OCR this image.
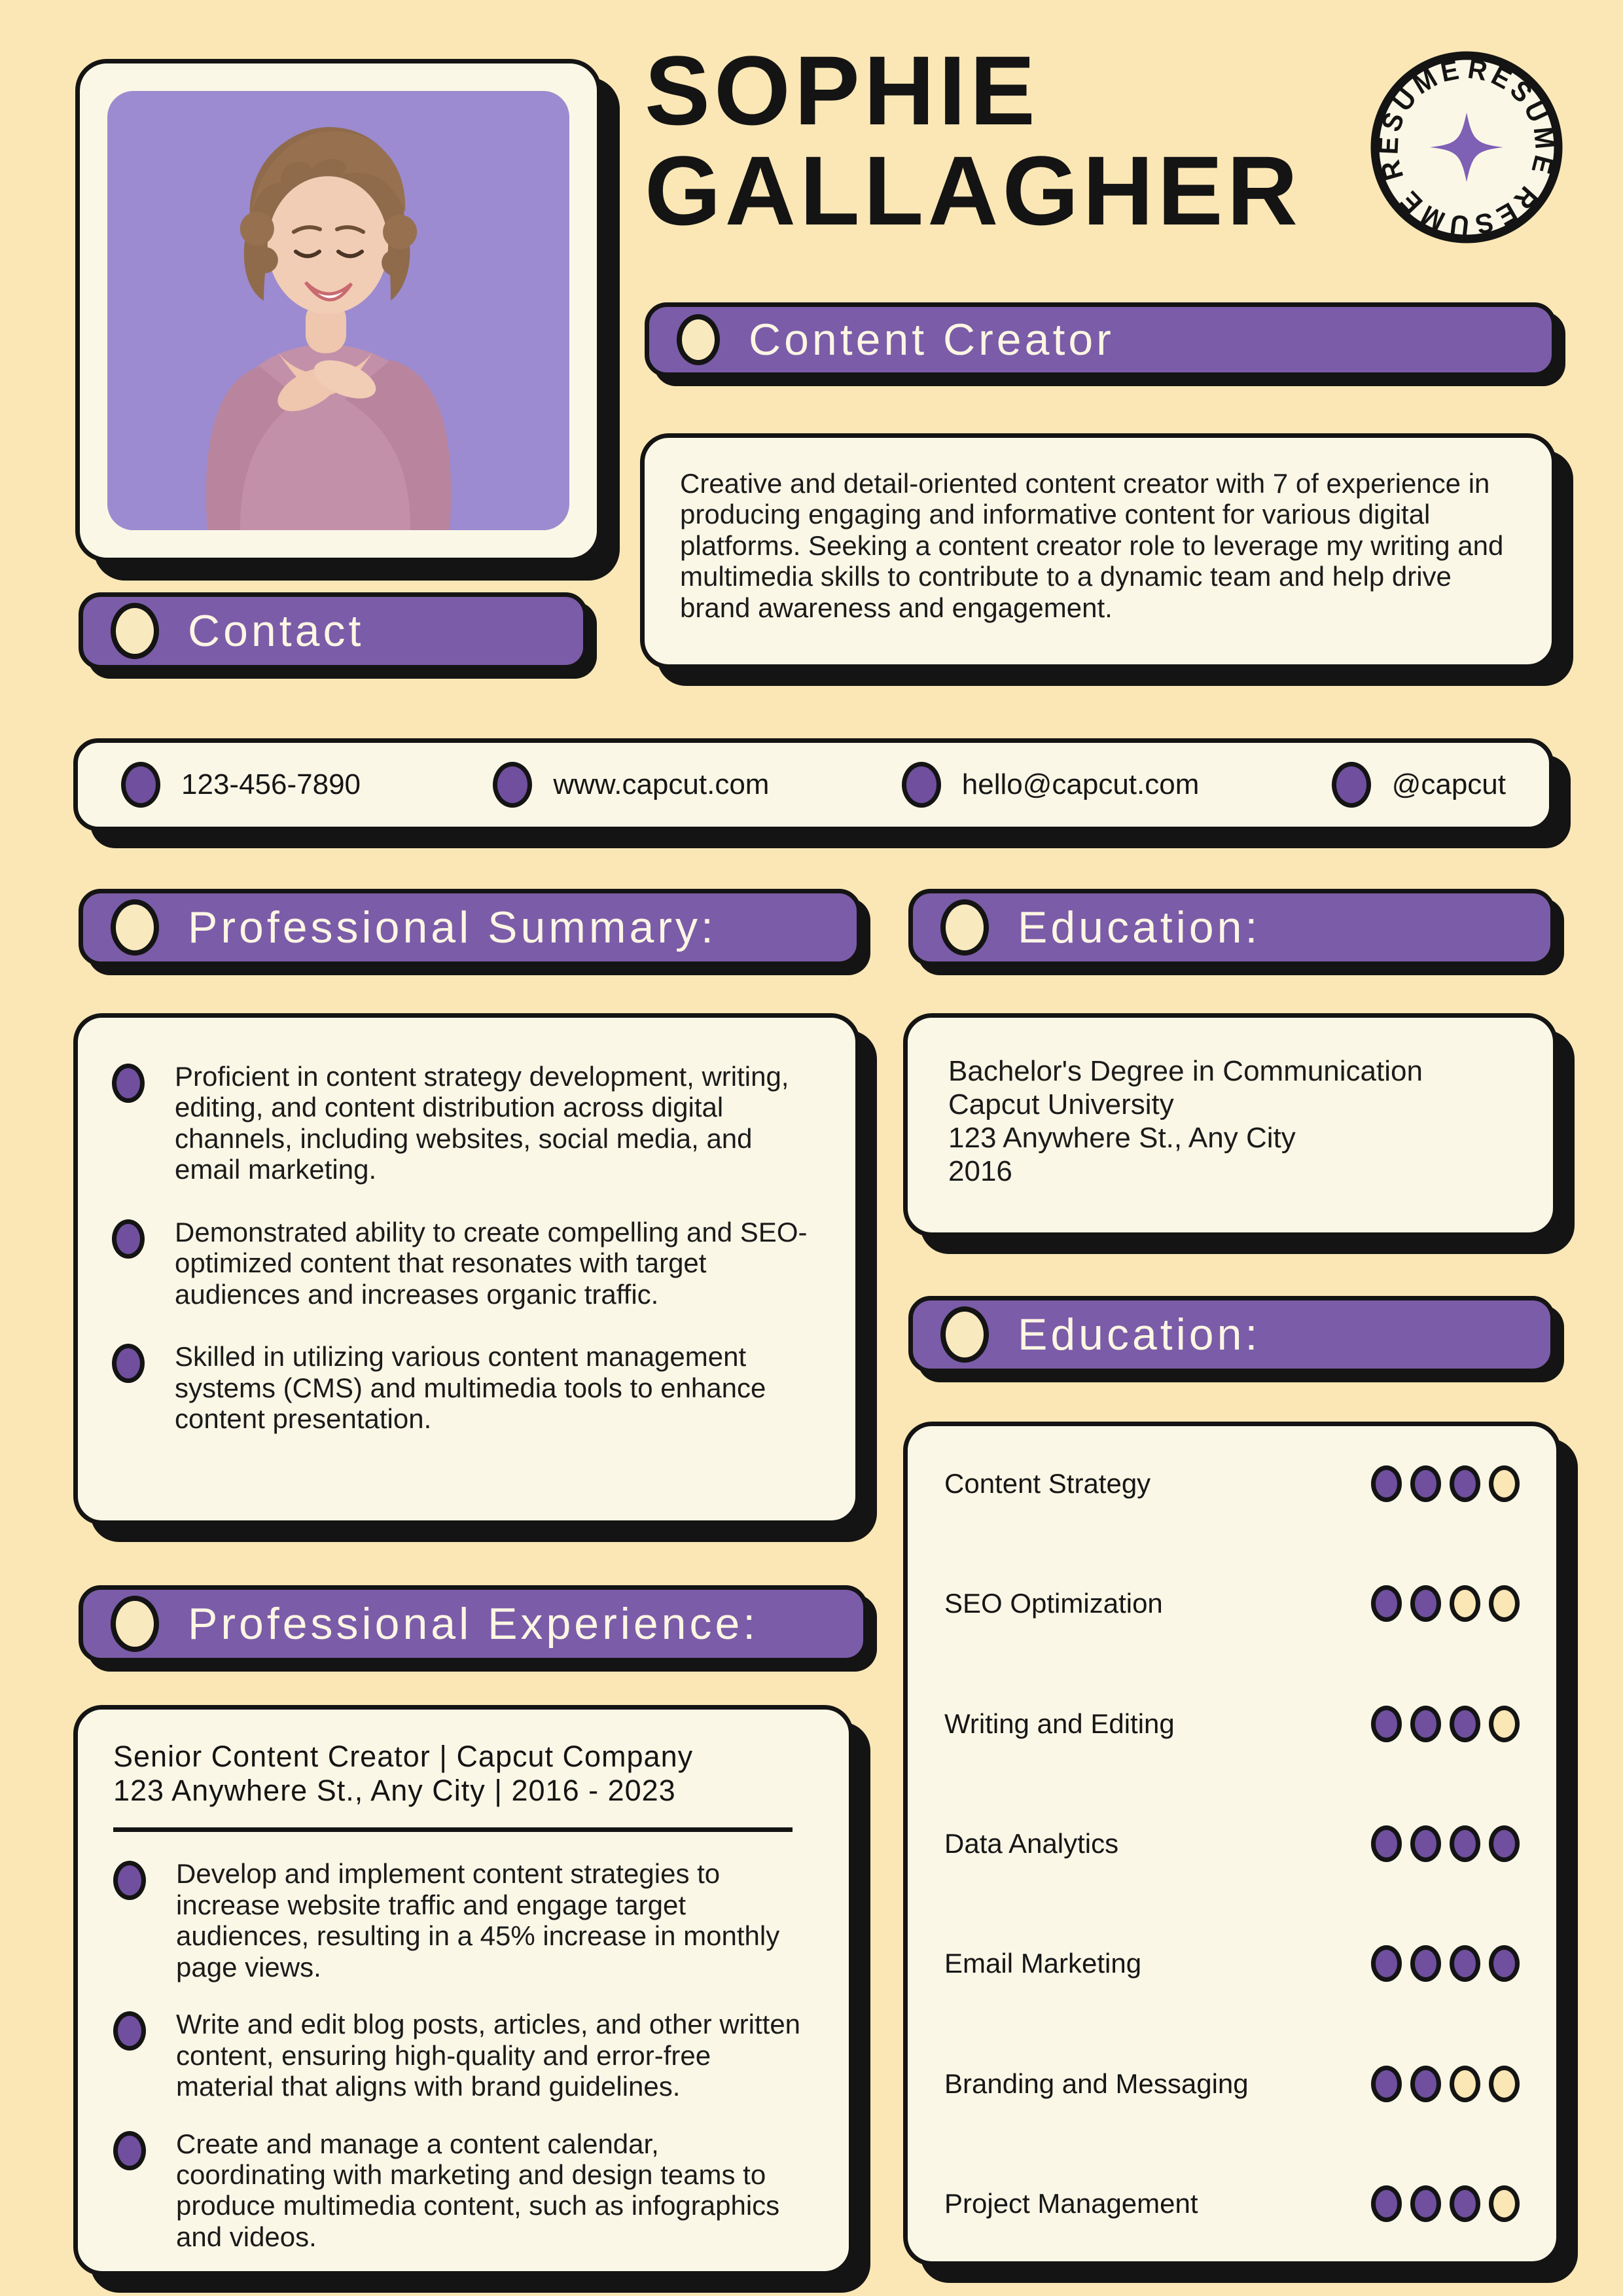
SOPHIE
GALLAGHER
RESUME RESUME RESUME
Content Creator
Creative and detail-oriented content creator with 7 of experience in producing engaging and informative content for various digital platforms. Seeking a content creator role to leverage my writing and multimedia skills to contribute to a dynamic team and help drive brand awareness and engagement.
Contact
123-456-7890	www.capcut.com	hello@capcut.com	@capcut
Professional Summary:
Proficient in content strategy development, writing, editing, and content distribution across digital channels, including websites, social media, and email marketing.
Demonstrated ability to create compelling and SEO-optimized content that resonates with target audiences and increases organic traffic.
Skilled in utilizing various content management systems (CMS) and multimedia tools to enhance content presentation.
Education:
Bachelor's Degree in Communication
Capcut University
123 Anywhere St., Any City
2016
Education:
Content Strategy
SEO Optimization
Writing and Editing
Data Analytics
Email Marketing
Branding and Messaging
Project Management
Professional Experience:
Senior Content Creator | Capcut Company
123 Anywhere St., Any City | 2016 - 2023
Develop and implement content strategies to increase website traffic and engage target audiences, resulting in a 45% increase in monthly page views.
Write and edit blog posts, articles, and other written content, ensuring high-quality and error-free material that aligns with brand guidelines.
Create and manage a content calendar, coordinating with marketing and design teams to produce multimedia content, such as infographics and videos.
